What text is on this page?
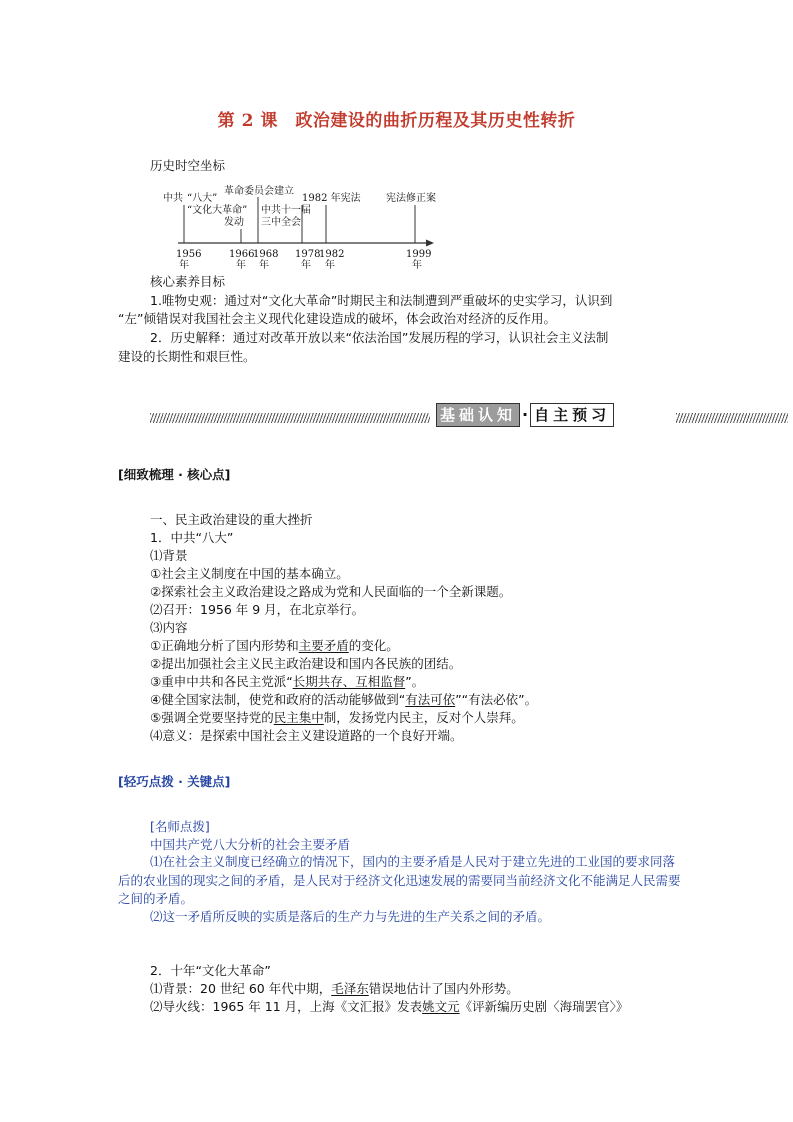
第 2 课　政治建设的曲折历程及其历史性转折
历史时空坐标
中共 “八大”
革命委员会建立
“文化大革命”
发动
中共十一届
三中全会
1982 年宪法	宪法修正案
1956
年
1966
年
1968
年
1978
年
1982
年
1999
年
核心素养目标
1.唯物史观：通过对“文化大革命”时期民主和法制遭到严重破坏的史实学习，认识到
“左”倾错误对我国社会主义现代化建设造成的破坏，体会政治对经济的反作用。
2．历史解释：通过对改革开放以来“依法治国”发展历程的学习，认识社会主义法制
建设的长期性和艰巨性。
基础认知 · 自主预习
[细致梳理 · 核心点]
一、民主政治建设的重大挫折
1．中共“八大”
⑴背景
①社会主义制度在中国的基本确立。
②探索社会主义政治建设之路成为党和人民面临的一个全新课题。
⑵召开：1956 年 9 月，在北京举行。
⑶内容
①正确地分析了国内形势和主要矛盾的变化。
②提出加强社会主义民主政治建设和国内各民族的团结。
③重申中共和各民主党派“长期共存、互相监督”。
④健全国家法制，使党和政府的活动能够做到“有法可依”“有法必依”。
⑤强调全党要坚持党的民主集中制，发扬党内民主，反对个人崇拜。
⑷意义：是探索中国社会主义建设道路的一个良好开端。
[轻巧点拨 · 关键点]
[名师点拨]
中国共产党八大分析的社会主要矛盾
⑴在社会主义制度已经确立的情况下，国内的主要矛盾是人民对于建立先进的工业国的要求同落后的农业国的现实之间的矛盾，是人民对于经济文化迅速发展的需要同当前经济文化不能满足人民需要之间的矛盾。
⑵这一矛盾所反映的实质是落后的生产力与先进的生产关系之间的矛盾。
2．十年“文化大革命”
⑴背景：20 世纪 60 年代中期，毛泽东错误地估计了国内外形势。
⑵导火线：1965 年 11 月，上海《文汇报》发表姚文元《评新编历史剧〈海瑞罢官〉》
